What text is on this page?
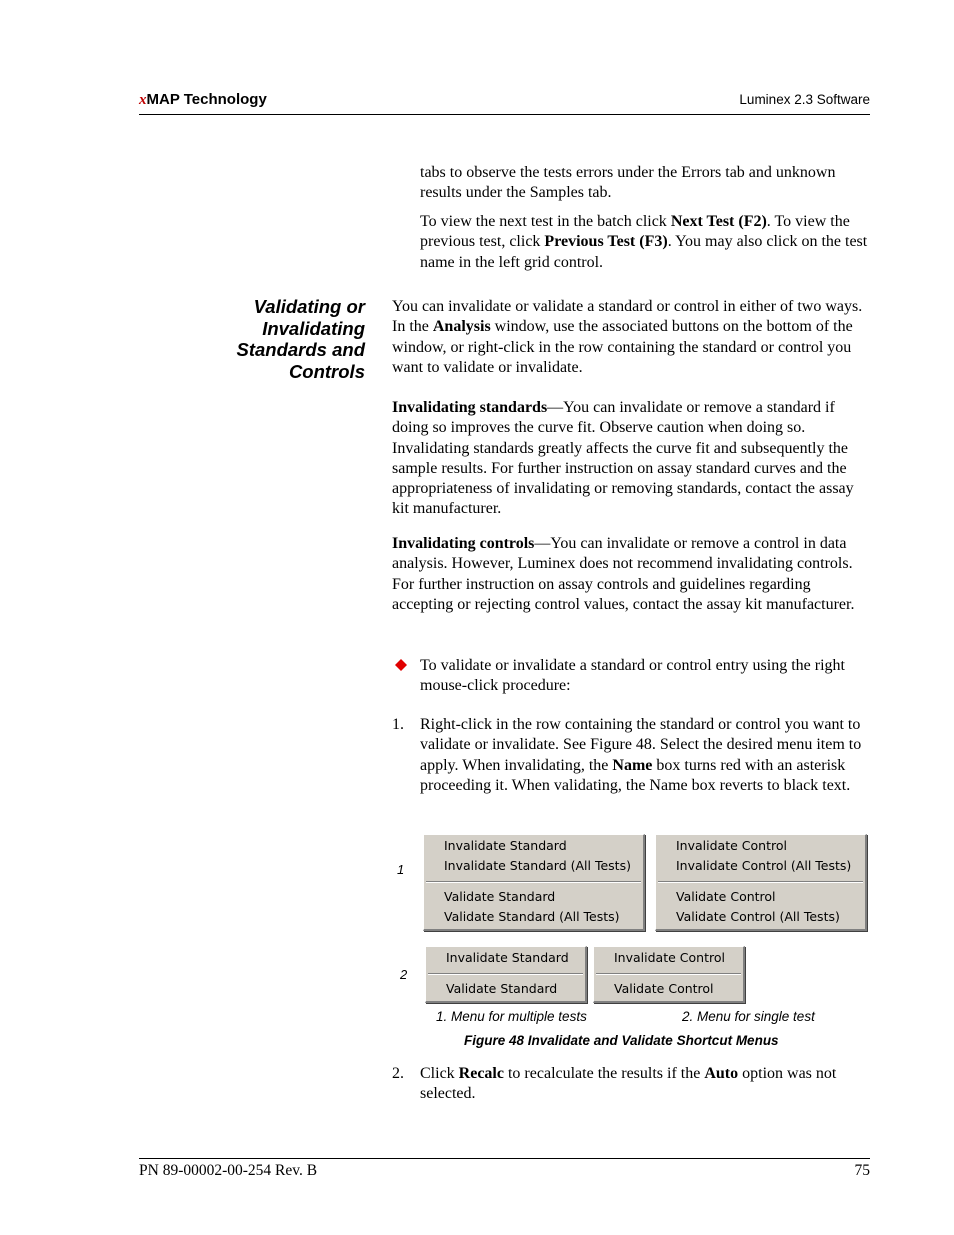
xMAP Technology	Luminex 2.3 Software
tabs to observe the tests errors under the Errors tab and unknown results under the Samples tab.
To view the next test in the batch click Next Test (F2). To view the previous test, click Previous Test (F3). You may also click on the test name in the left grid control.
Validating or Invalidating Standards and Controls
You can invalidate or validate a standard or control in either of two ways. In the Analysis window, use the associated buttons on the bottom of the window, or right-click in the row containing the standard or control you want to validate or invalidate.
Invalidating standards—You can invalidate or remove a standard if doing so improves the curve fit. Observe caution when doing so. Invalidating standards greatly affects the curve fit and subsequently the sample results. For further instruction on assay standard curves and the appropriateness of invalidating or removing standards, contact the assay kit manufacturer.
Invalidating controls—You can invalidate or remove a control in data analysis. However, Luminex does not recommend invalidating controls. For further instruction on assay controls and guidelines regarding accepting or rejecting control values, contact the assay kit manufacturer.
To validate or invalidate a standard or control entry using the right mouse-click procedure:
1. Right-click in the row containing the standard or control you want to validate or invalidate. See Figure 48. Select the desired menu item to apply. When invalidating, the Name box turns red with an asterisk proceeding it. When validating, the Name box reverts to black text.
1
2
Invalidate Standard
Invalidate Standard (All Tests)
Validate Standard
Validate Standard (All Tests)
Invalidate Control
Invalidate Control (All Tests)
Validate Control
Validate Control (All Tests)
Invalidate Standard
Validate Standard
Invalidate Control
Validate Control
1. Menu for multiple tests	2. Menu for single test
Figure 48 Invalidate and Validate Shortcut Menus
2. Click Recalc to recalculate the results if the Auto option was not selected.
PN 89-00002-00-254 Rev. B	75
